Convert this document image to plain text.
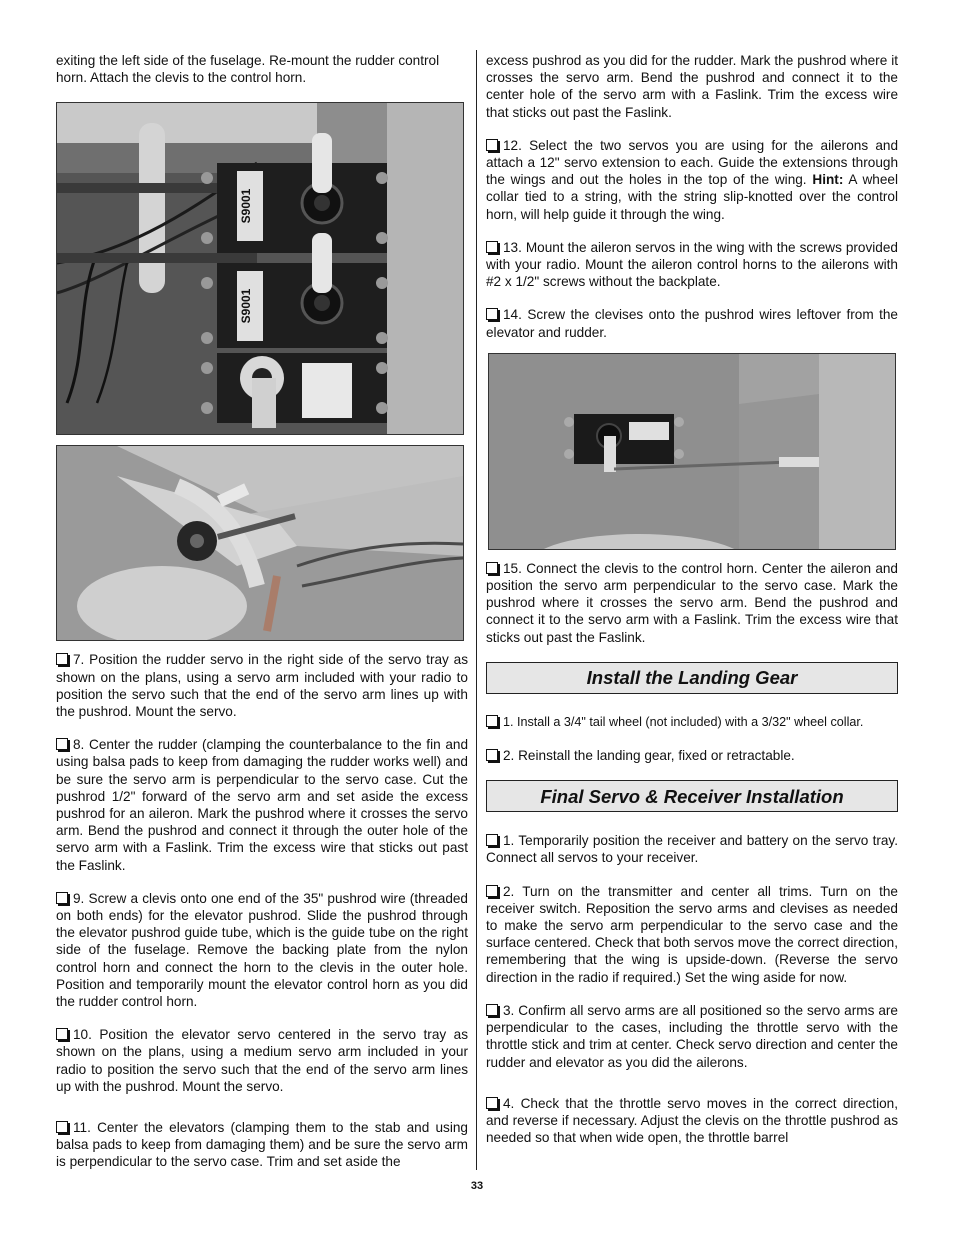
exiting the left side of the fuselage. Re-mount the rudder control horn. Attach the clevis to the control horn.

S9001
S9001

7. Position the rudder servo in the right side of the servo tray as shown on the plans, using a servo arm included with your radio to position the servo such that the end of the servo arm lines up with the pushrod. Mount the servo.

8. Center the rudder (clamping the counterbalance to the fin and using balsa pads to keep from damaging the rudder works well) and be sure the servo arm is perpendicular to the servo case. Cut the pushrod 1/2" forward of the servo arm and set aside the excess pushrod for an aileron. Mark the pushrod where it crosses the servo arm. Bend the pushrod and connect it through the outer hole of the servo arm with a Faslink. Trim the excess wire that sticks out past the Faslink.

9. Screw a clevis onto one end of the 35" pushrod wire (threaded on both ends) for the elevator pushrod. Slide the pushrod through the elevator pushrod guide tube, which is the guide tube on the right side of the fuselage. Remove the backing plate from the nylon control horn and connect the horn to the clevis in the outer hole. Position and temporarily mount the elevator control horn as you did the rudder control horn.

10. Position the elevator servo centered in the servo tray as shown on the plans, using a medium servo arm included in your radio to position the servo such that the end of the servo arm lines up with the pushrod. Mount the servo.

11. Center the elevators (clamping them to the stab and using balsa pads to keep from damaging them) and be sure the servo arm is perpendicular to the servo case. Trim and set aside the

excess pushrod as you did for the rudder. Mark the pushrod where it crosses the servo arm. Bend the pushrod and connect it to the center hole of the servo arm with a Faslink. Trim the excess wire that sticks out past the Faslink.

12. Select the two servos you are using for the ailerons and attach a 12" servo extension to each. Guide the extensions through the wings and out the holes in the top of the wing. Hint: A wheel collar tied to a string, with the string slip-knotted over the control horn, will help guide it through the wing.

13. Mount the aileron servos in the wing with the screws provided with your radio. Mount the aileron control horns to the ailerons with #2 x 1/2" screws without the backplate.

14. Screw the clevises onto the pushrod wires leftover from the elevator and rudder.

15. Connect the clevis to the control horn. Center the aileron and position the servo arm perpendicular to the servo case. Mark the pushrod where it crosses the servo arm. Bend the pushrod and connect it to the servo arm with a Faslink. Trim the excess wire that sticks out past the Faslink.

Install the Landing Gear

1. Install a 3/4" tail wheel (not included) with a 3/32" wheel collar.

2. Reinstall the landing gear, fixed or retractable.

Final Servo & Receiver Installation

1. Temporarily position the receiver and battery on the servo tray. Connect all servos to your receiver.

2. Turn on the transmitter and center all trims. Turn on the receiver switch. Reposition the servo arms and clevises as needed to make the servo arm perpendicular to the servo case and the surface centered. Check that both servos move the correct direction, remembering that the wing is upside-down. (Reverse the servo direction in the radio if required.) Set the wing aside for now.

3. Confirm all servo arms are all positioned so the servo arms are perpendicular to the cases, including the throttle servo with the throttle stick and trim at center. Check servo direction and center the rudder and elevator as you did the ailerons.

4. Check that the throttle servo moves in the correct direction, and reverse if necessary. Adjust the clevis on the throttle pushrod as needed so that when wide open, the throttle barrel

33
